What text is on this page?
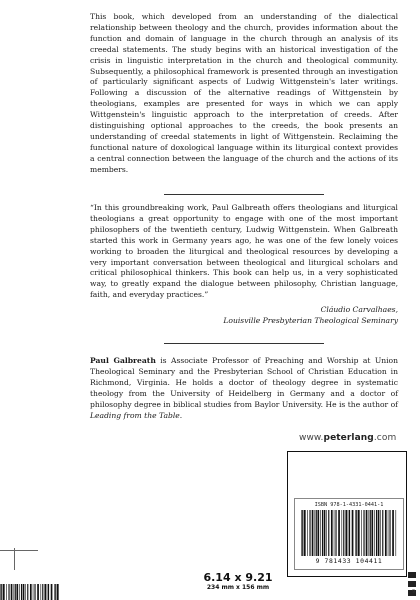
This book, which developed from an understanding of the dialectical relationship between theology and the church, provides information about the function and domain of language in the church through an analysis of its creedal statements. The study begins with an historical investigation of the crisis in linguistic interpretation in the church and theological community. Subsequently, a philosophical framework is presented through an investigation of particularly significant aspects of Ludwig Wittgenstein's later writings. Following a discussion of the alternative readings of Wittgenstein by theologians, examples are presented for ways in which we can apply Wittgenstein's linguistic approach to the interpretation of creeds. After distinguishing optional approaches to the creeds, the book presents an understanding of creedal statements in light of Wittgenstein. Reclaiming the functional nature of doxological language within its liturgical context provides a central connection between the language of the church and the actions of its members.

“In this groundbreaking work, Paul Galbreath offers theologians and liturgical theologians a great opportunity to engage with one of the most important philosophers of the twentieth century, Ludwig Wittgenstein. When Galbreath started this work in Germany years ago, he was one of the few lonely voices working to broaden the liturgical and theological resources by developing a very important conversation between theological and liturgical scholars and critical philosophical thinkers. This book can help us, in a very sophisticated way, to greatly expand the dialogue between philosophy, Christian language, faith, and everyday practices.”

Cláudio Carvalhaes,
Louisville Presbyterian Theological Seminary

Paul Galbreath is Associate Professor of Preaching and Worship at Union Theological Seminary and the Presbyterian School of Christian Education in Richmond, Virginia. He holds a doctor of theology degree in systematic theology from the University of Heidelberg in Germany and a doctor of philosophy degree in biblical studies from Baylor University. He is the author of Leading from the Table.

www.peterlang.com
ISBN 978-1-4331-0441-1
9 781433 104411
6.14 x 9.21
234 mm x 156 mm
9
